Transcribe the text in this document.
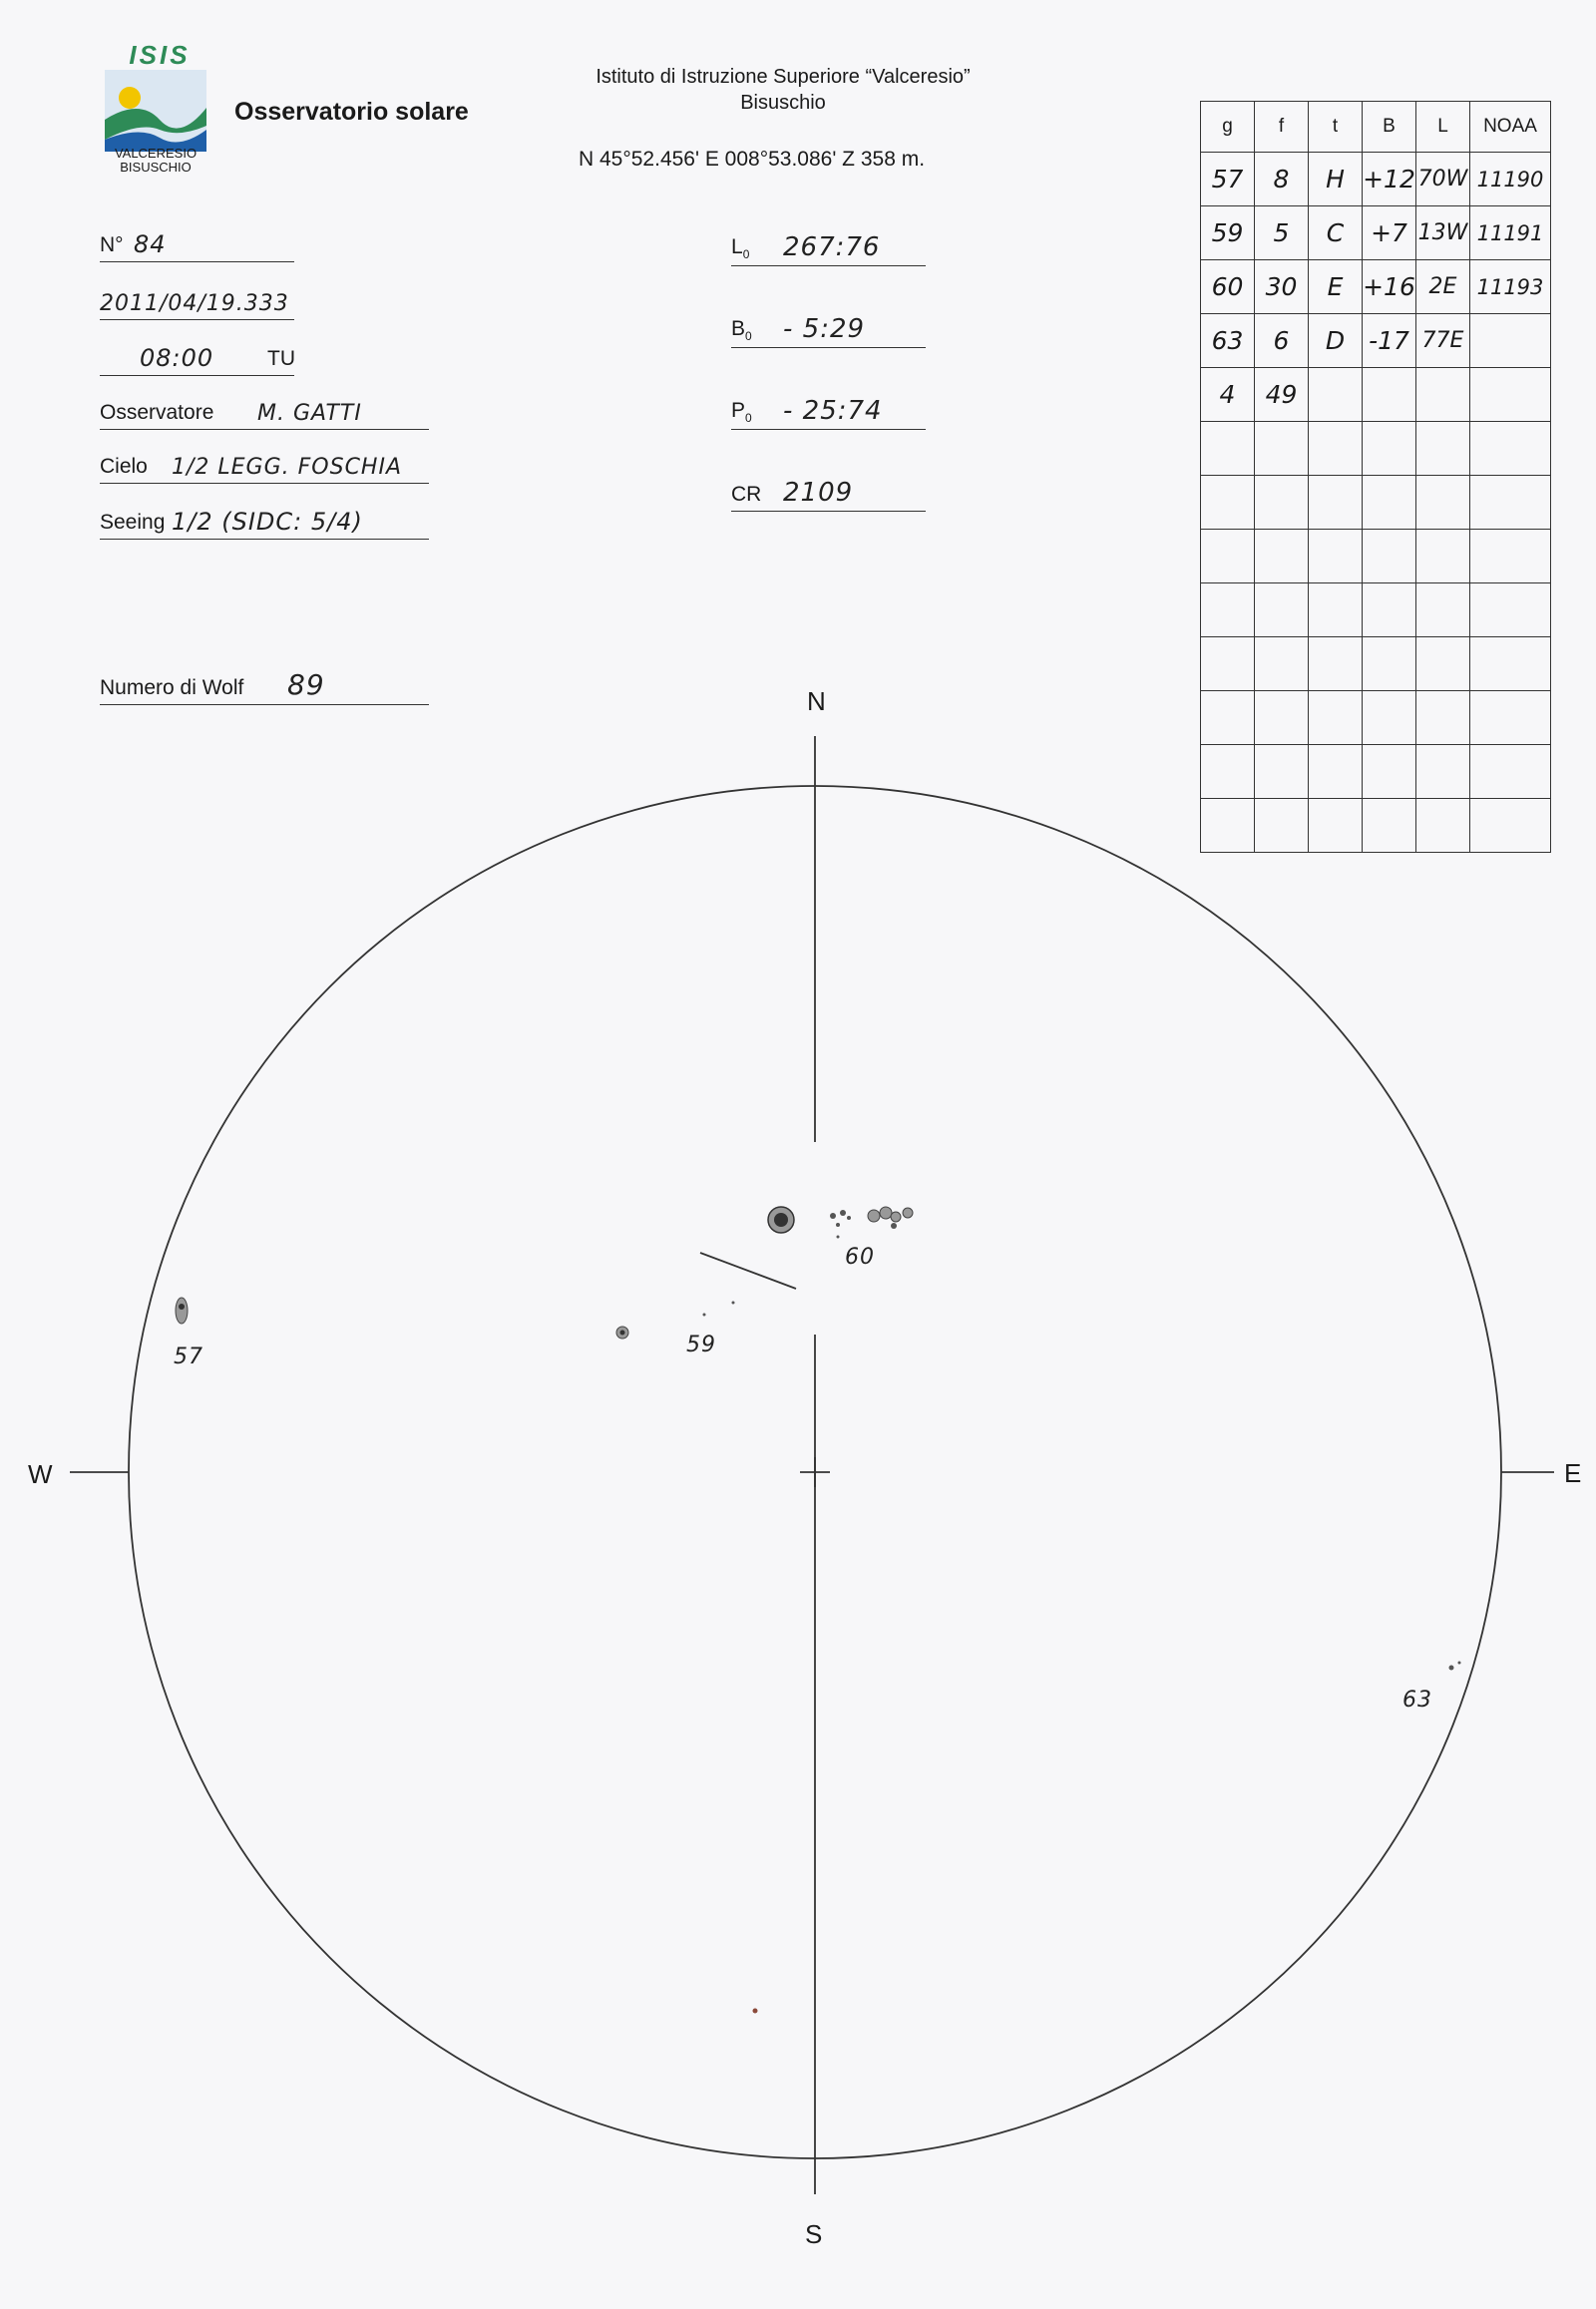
ISIS
VALCERESIO
BISUSCHIO
Osservatorio solare
Istituto di Istruzione Superiore “Valceresio”
Bisuschio
N 45°52.456' E 008°53.086' Z 358 m.
N° 84
2011/04/19.333
08:00	TU
Osservatore M. GATTI
Cielo 1/2 LEGG. FOSCHIA
Seeing 1/2 (SIDC: 5/4)
Numero di Wolf 89
$L_0$ 267:76
$B_0$ - 5:29
$P_0$ - 25:74
CR 2109
g	f	t	B	L	NOAA
57	8	H	+12	70W	11190
59	5	C	+7	13W	11191
60	30	E	+16	2E	11193
63	6	D	-17	77E	
4	49				

N
S
E
W
57	59
60
63
